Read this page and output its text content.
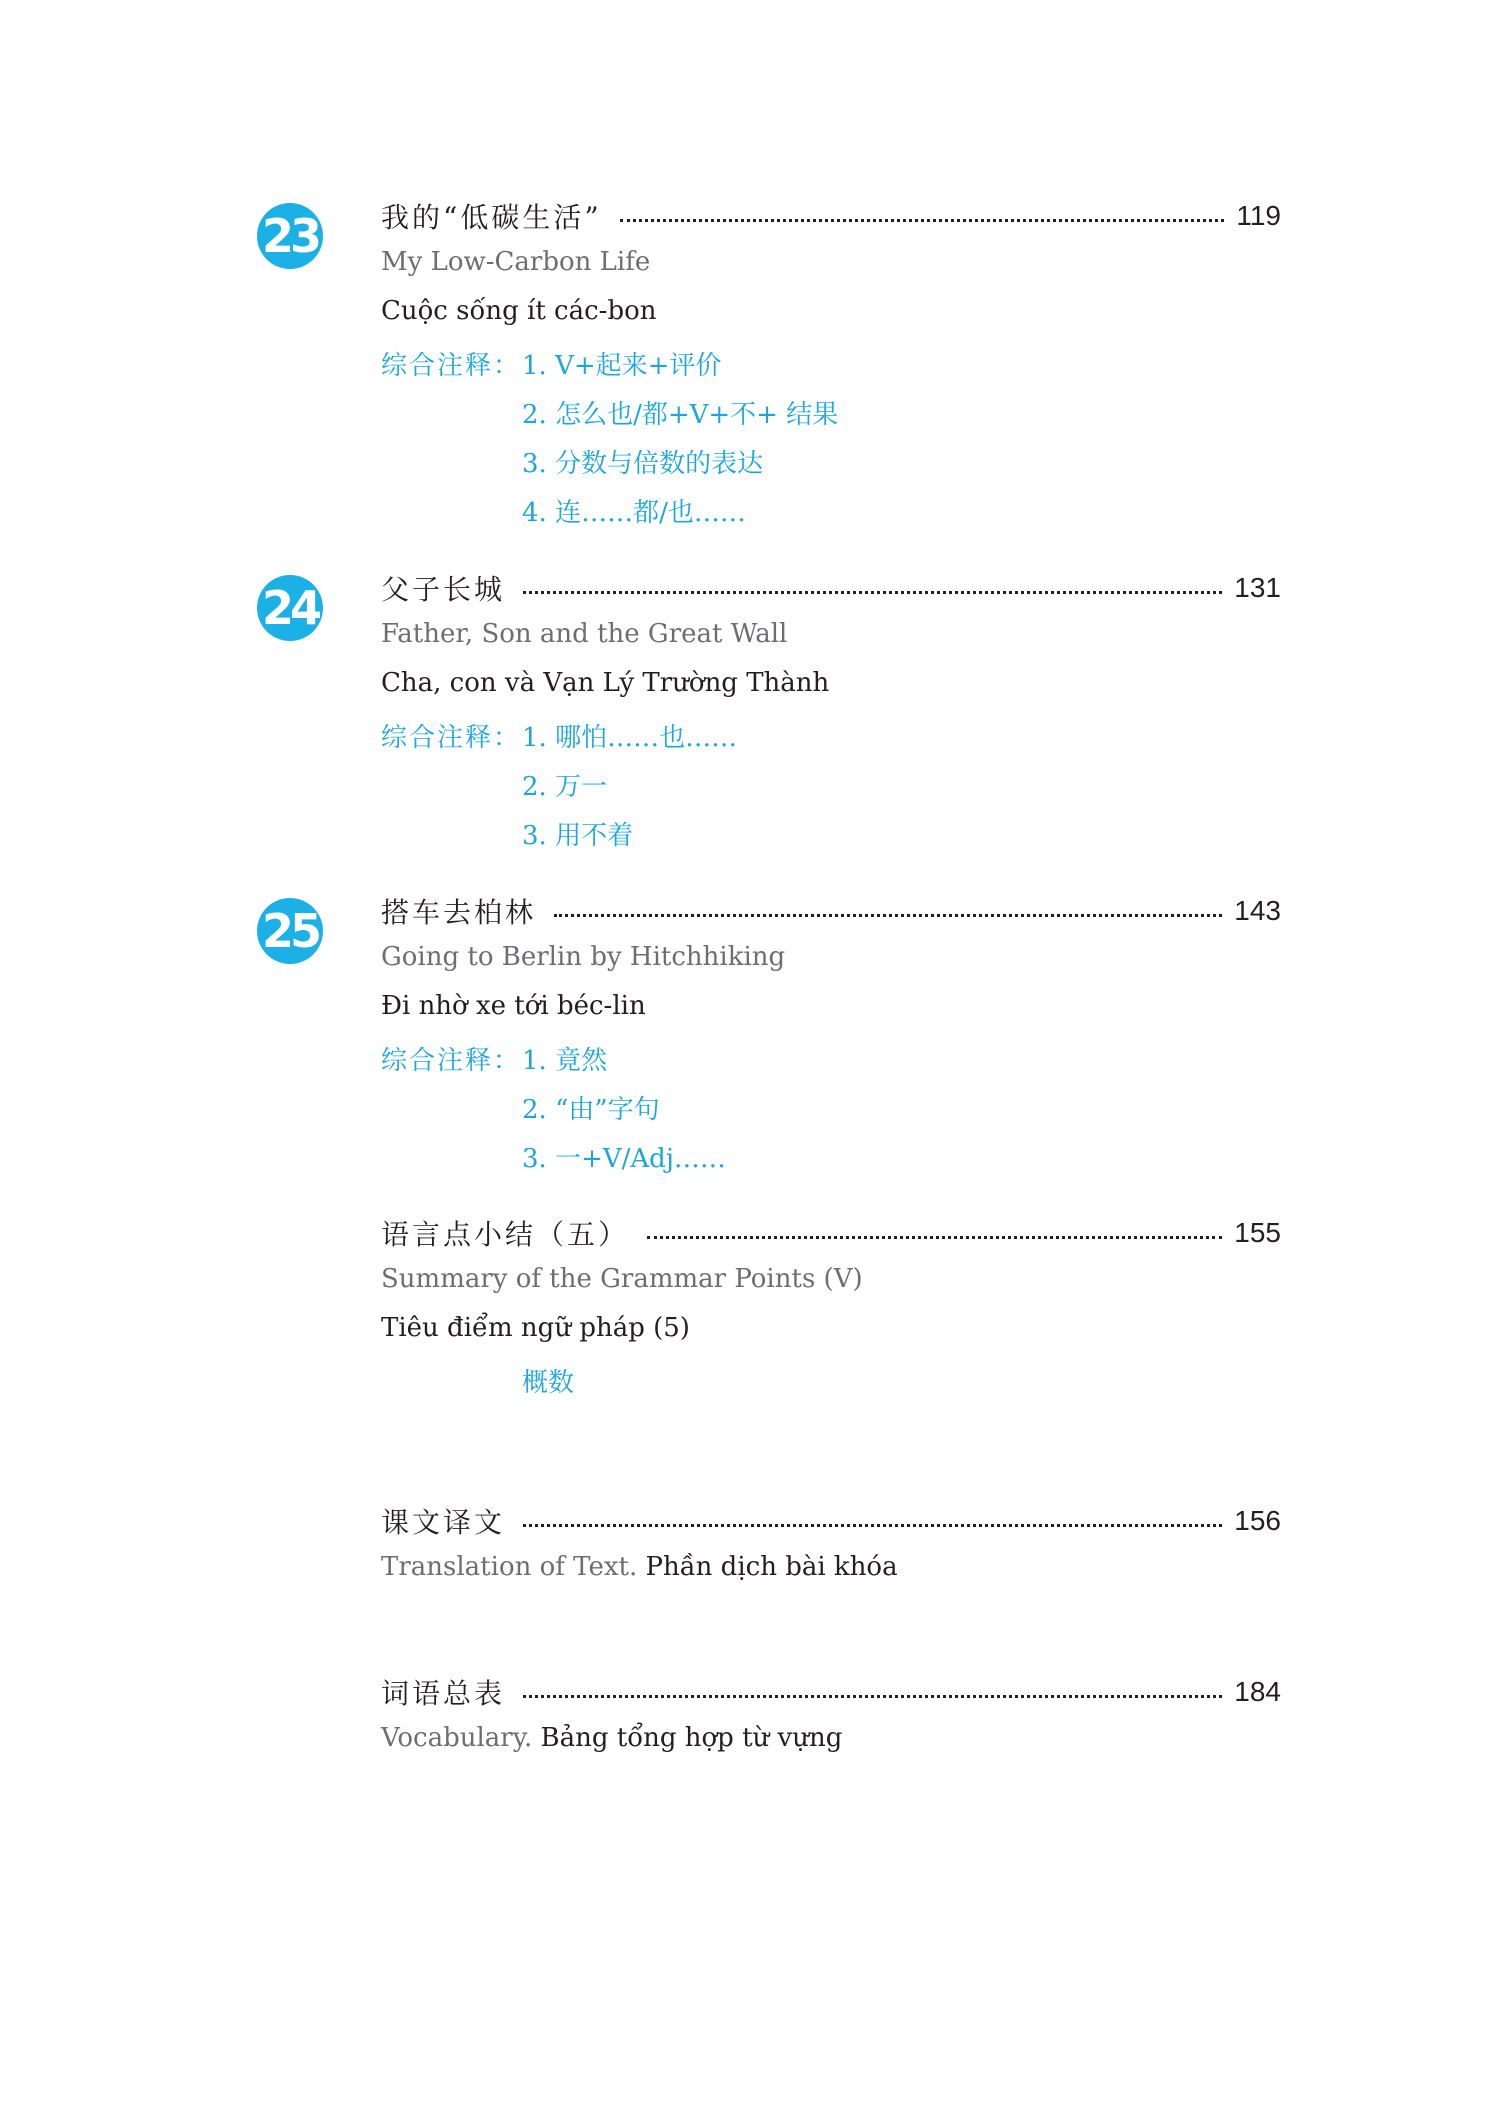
23 我的“低碳生活”	119
My Low-Carbon Life
Cuộc sống ít các-bon
综合注释： 1. V+起来+评价
2. 怎么也/都+V+不+ 结果
3. 分数与倍数的表达
4. 连……都/也……
24 父子长城	131
Father, Son and the Great Wall
Cha, con và Vạn Lý Trường Thành
综合注释： 1. 哪怕……也……
2. 万一
3. 用不着
25 搭车去柏林	143
Going to Berlin by Hitchhiking
Đi nhờ xe tới béc-lin
综合注释： 1. 竟然
2. “由”字句
3. 一+V/Adj……
语言点小结（五）	155
Summary of the Grammar Points (Ⅴ)
Tiêu điểm ngữ pháp (5)
概数
课文译文	156
Translation of Text. Phần dịch bài khóa
词语总表	184
Vocabulary. Bảng tổng hợp từ vựng
